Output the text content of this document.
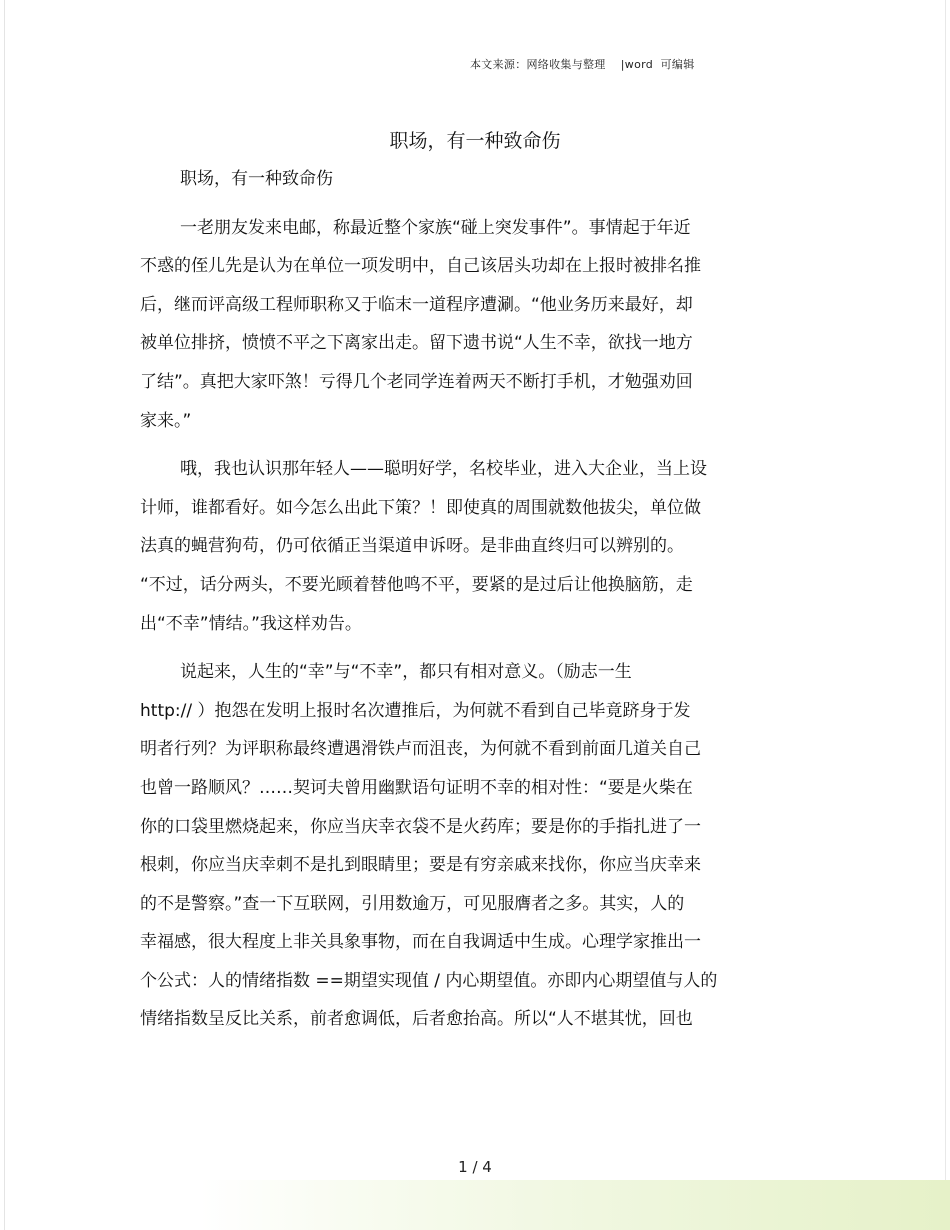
本文来源：网络收集与整理    |word  可编辑
职场，有一种致命伤
职场，有一种致命伤
一老朋友发来电邮，称最近整个家族“碰上突发事件”。事情起于年近
不惑的侄儿先是认为在单位一项发明中，自己该居头功却在上报时被排名推
后，继而评高级工程师职称又于临末一道程序遭涮。“他业务历来最好，却
被单位排挤，愤愤不平之下离家出走。留下遗书说“人生不幸，欲找一地方
了结”。真把大家吓煞！亏得几个老同学连着两天不断打手机，才勉强劝回
家来。”
哦，我也认识那年轻人——聪明好学，名校毕业，进入大企业，当上设
计师，谁都看好。如今怎么出此下策？！即使真的周围就数他拔尖，单位做
法真的蝇营狗苟，仍可依循正当渠道申诉呀。是非曲直终归可以辨别的。
“不过，话分两头，不要光顾着替他鸣不平，要紧的是过后让他换脑筋，走
出“不幸”情结。”我这样劝告。
说起来，人生的“幸”与“不幸”，都只有相对意义。（励志一生
http:// ）抱怨在发明上报时名次遭推后，为何就不看到自己毕竟跻身于发
明者行列？为评职称最终遭遇滑铁卢而沮丧，为何就不看到前面几道关自己
也曾一路顺风？……契诃夫曾用幽默语句证明不幸的相对性：“要是火柴在
你的口袋里燃烧起来，你应当庆幸衣袋不是火药库；要是你的手指扎进了一
根刺，你应当庆幸刺不是扎到眼睛里；要是有穷亲戚来找你，你应当庆幸来
的不是警察。”查一下互联网，引用数逾万，可见服膺者之多。其实，人的
幸福感，很大程度上非关具象事物，而在自我调适中生成。心理学家推出一
个公式：人的情绪指数 ==期望实现值 / 内心期望值。亦即内心期望值与人的
情绪指数呈反比关系，前者愈调低，后者愈抬高。所以“人不堪其忧，回也
1 / 4
